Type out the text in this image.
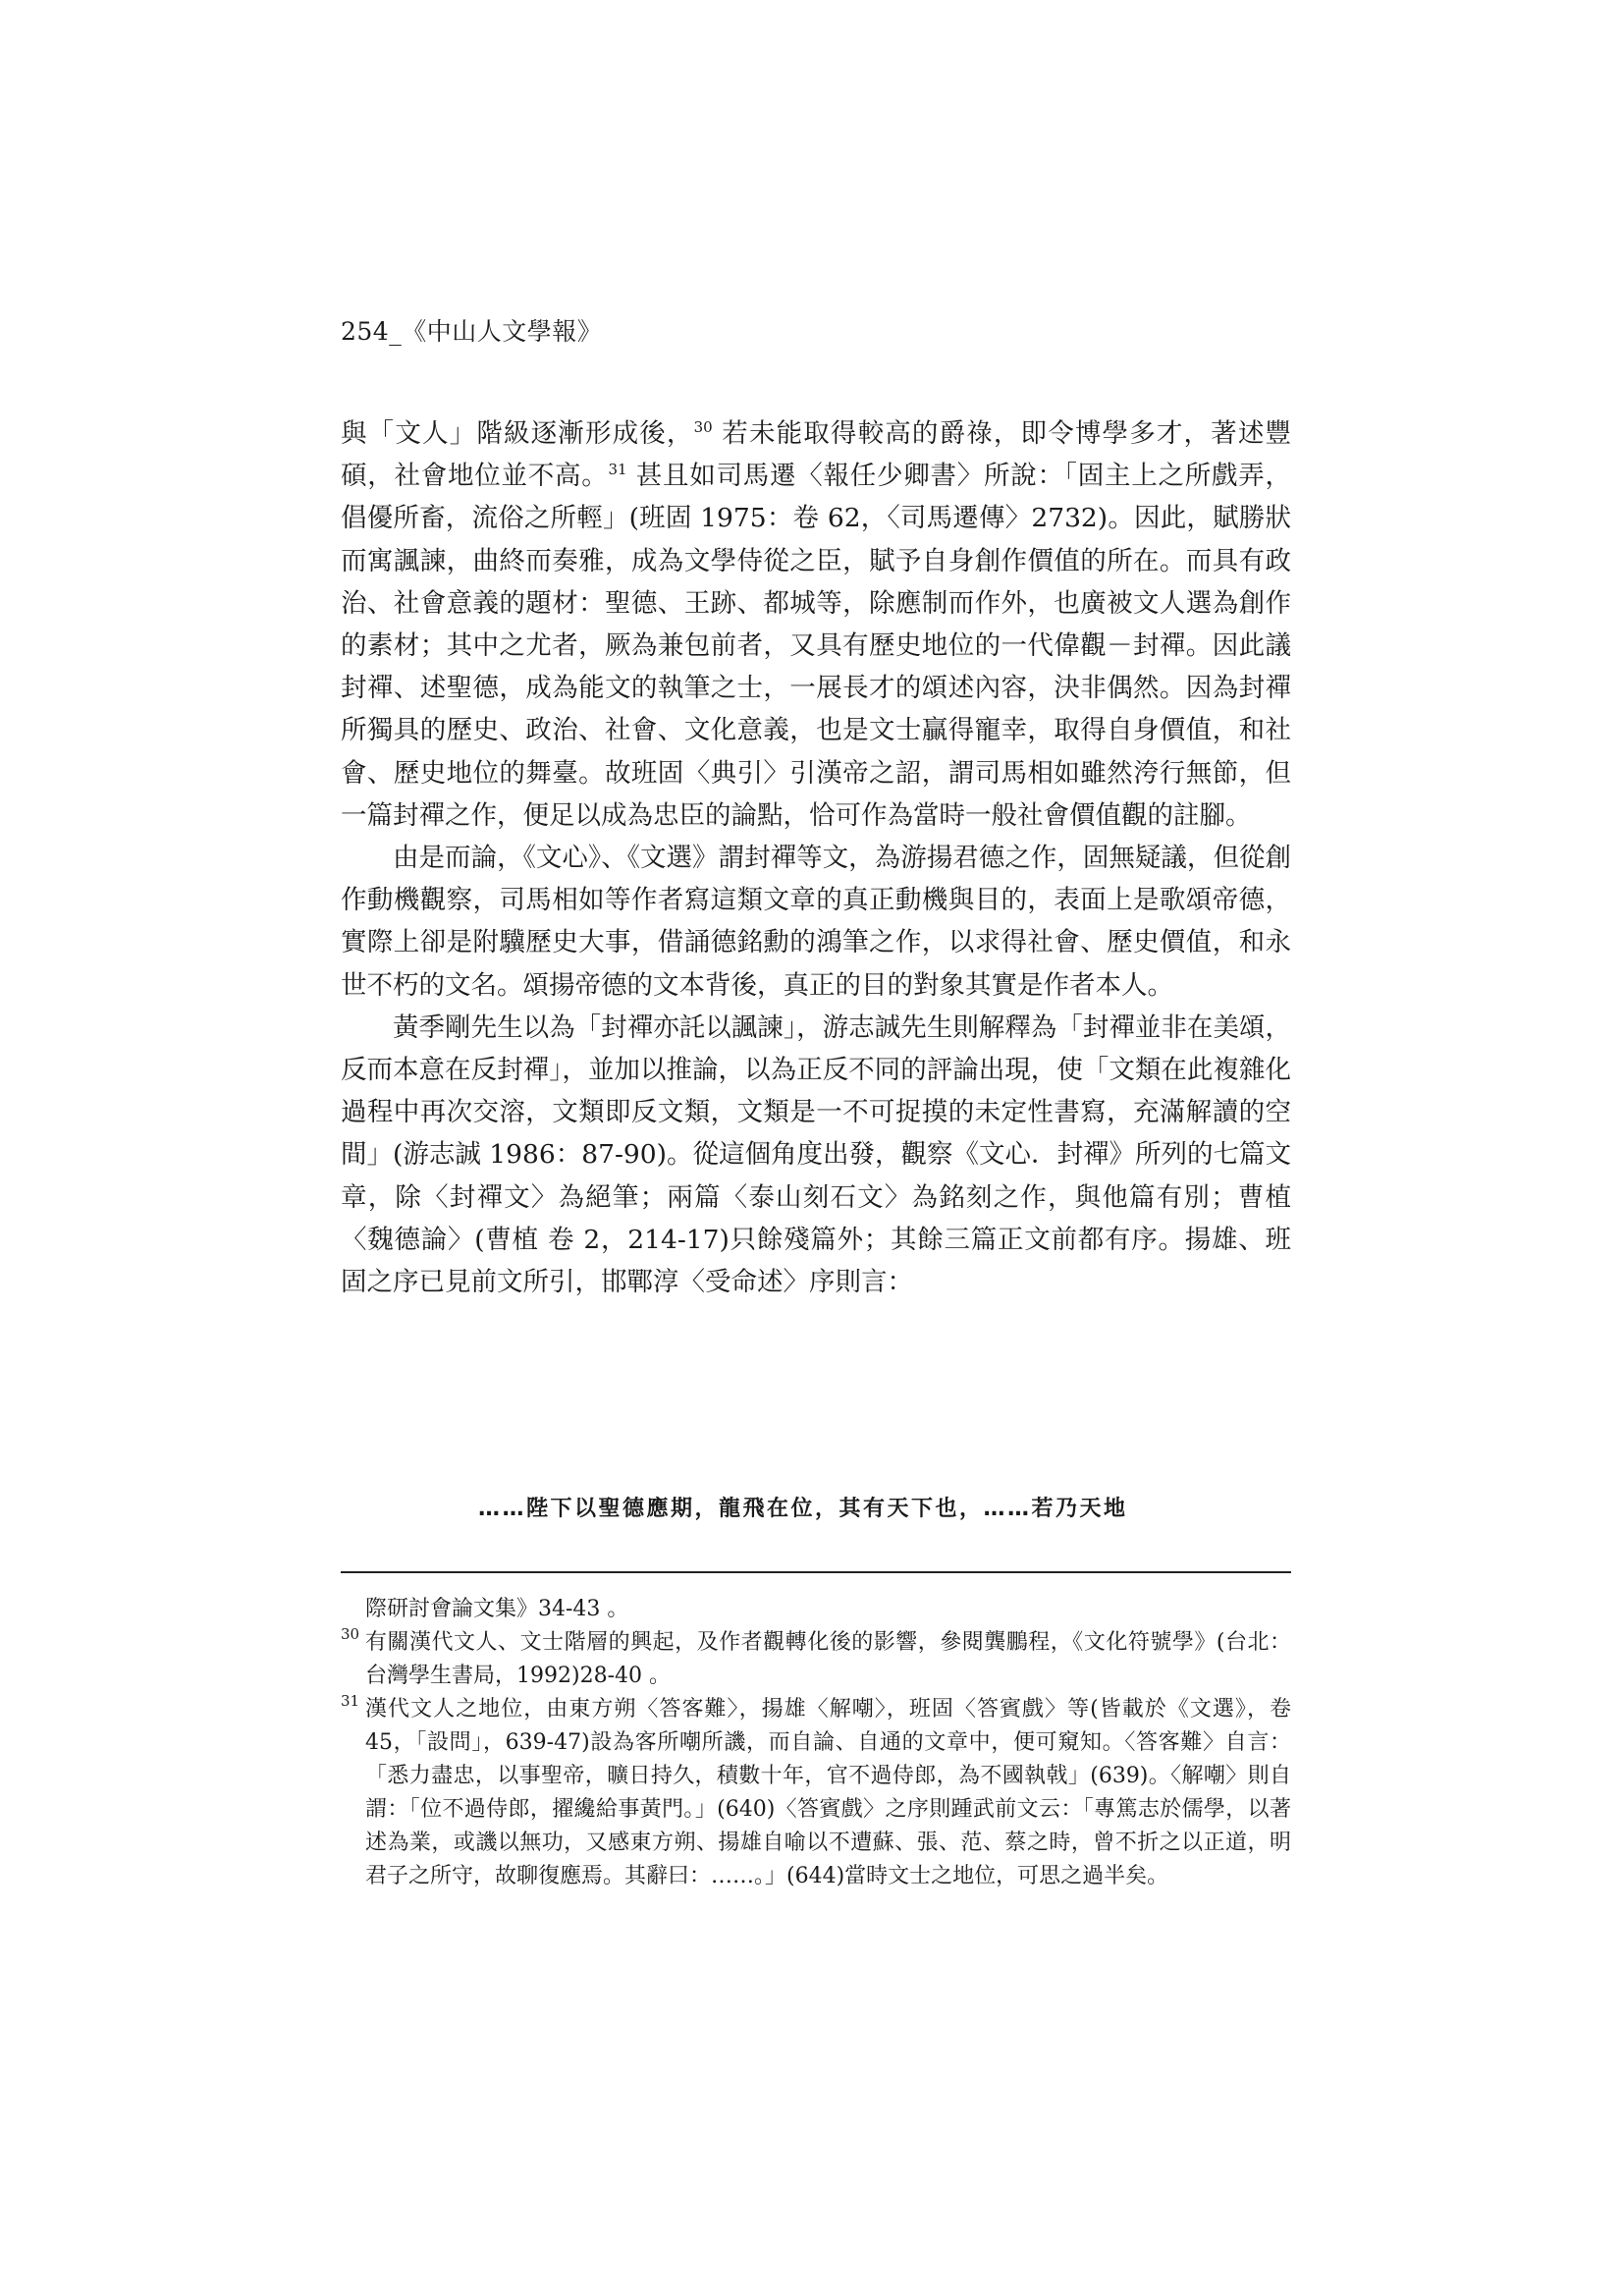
254_《中山人文學報》

與「文人」階級逐漸形成後，$^{30}$ 若未能取得較高的爵祿，即令博學多才，著述豐碩，社會地位並不高。$^{31}$ 甚且如司馬遷〈報任少卿書〉所說：「固主上之所戲弄，倡優所畜，流俗之所輕」(班固 1975：卷 62，〈司馬遷傳〉2732)。因此，賦勝狀而寓諷諫，曲終而奏雅，成為文學侍從之臣，賦予自身創作價值的所在。而具有政治、社會意義的題材：聖德、王跡、都城等，除應制而作外，也廣被文人選為創作的素材；其中之尤者，厥為兼包前者，又具有歷史地位的一代偉觀－封禪。因此議封禪、述聖德，成為能文的執筆之士，一展長才的頌述內容，決非偶然。因為封禪所獨具的歷史、政治、社會、文化意義，也是文士贏得寵幸，取得自身價值，和社會、歷史地位的舞臺。故班固〈典引〉引漢帝之詔，謂司馬相如雖然洿行無節，但一篇封禪之作，便足以成為忠臣的論點，恰可作為當時一般社會價值觀的註腳。

由是而論，《文心》、《文選》謂封禪等文，為游揚君德之作，固無疑議，但從創作動機觀察，司馬相如等作者寫這類文章的真正動機與目的，表面上是歌頌帝德，實際上卻是附驥歷史大事，借誦德銘勳的鴻筆之作，以求得社會、歷史價值，和永世不朽的文名。頌揚帝德的文本背後，真正的目的對象其實是作者本人。

黃季剛先生以為「封禪亦託以諷諫」，游志誠先生則解釋為「封禪並非在美頌，反而本意在反封禪」，並加以推論，以為正反不同的評論出現，使「文類在此複雜化過程中再次交溶，文類即反文類，文類是一不可捉摸的未定性書寫，充滿解讀的空間」(游志誠 1986：87-90)。從這個角度出發，觀察《文心．封禪》所列的七篇文章，除〈封禪文〉為絕筆；兩篇〈泰山刻石文〉為銘刻之作，與他篇有別；曹植〈魏德論〉(曹植 卷 2，214-17)只餘殘篇外；其餘三篇正文前都有序。揚雄、班固之序已見前文所引，邯鄲淳〈受命述〉序則言：

……陛下以聖德應期，龍飛在位，其有天下也，……若乃天地
際研討會論文集》34-43 。
30 有關漢代文人、文士階層的興起，及作者觀轉化後的影響，參閱龔鵬程，《文化符號學》(台北：台灣學生書局，1992)28-40 。
31 漢代文人之地位，由東方朔〈答客難〉，揚雄〈解嘲〉，班固〈答賓戲〉等(皆載於《文選》，卷 45，「設問」，639-47)設為客所嘲所譏，而自論、自通的文章中，便可窺知。〈答客難〉自言：「悉力盡忠，以事聖帝，曠日持久，積數十年，官不過侍郎，為不國執戟」(639)。〈解嘲〉則自謂：「位不過侍郎，擢纔給事黃門。」(640)〈答賓戲〉之序則踵武前文云：「專篤志於儒學，以著述為業，或譏以無功，又感東方朔、揚雄自喻以不遭蘇、張、范、蔡之時，曾不折之以正道，明君子之所守，故聊復應焉。其辭曰：……。」(644)當時文士之地位，可思之過半矣。
